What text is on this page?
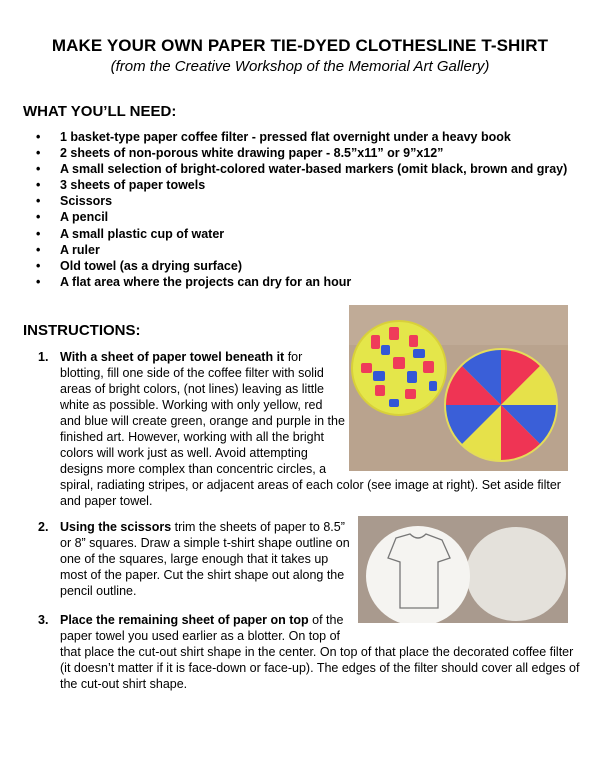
MAKE YOUR OWN PAPER TIE-DYED CLOTHESLINE T-SHIRT
(from the Creative Workshop of the Memorial Art Gallery)
WHAT YOU’LL NEED:
• 1 basket-type paper coffee filter - pressed flat overnight under a heavy book
• 2 sheets of non-porous white drawing paper - 8.5”x11” or 9”x12”
• A small selection of bright-colored water-based markers (omit black, brown and gray)
• 3 sheets of paper towels
• Scissors
• A pencil
• A small plastic cup of water
• A ruler
• Old towel (as a drying surface)
• A flat area where the projects can dry for an hour
INSTRUCTIONS:
1. With a sheet of paper towel beneath it for
blotting, fill one side of the coffee filter with solid
areas of bright colors, (not lines) leaving as little
white as possible. Working with only yellow, red
and blue will create green, orange and purple in the
finished art. However, working with all the bright
colors will work just as well. Avoid attempting
designs more complex than concentric circles, a
spiral, radiating stripes, or adjacent areas of each color (see image at right). Set aside filter
and paper towel.
2. Using the scissors trim the sheets of paper to 8.5”
or 8” squares. Draw a simple t-shirt shape outline on
one of the squares, large enough that it takes up
most of the paper. Cut the shirt shape out along the
pencil outline.
3. Place the remaining sheet of paper on top of the
paper towel you used earlier as a blotter. On top of
that place the cut-out shirt shape in the center. On top of that place the decorated coffee filter
(it doesn’t matter if it is face-down or face-up). The edges of the filter should cover all edges of
the cut-out shirt shape.
